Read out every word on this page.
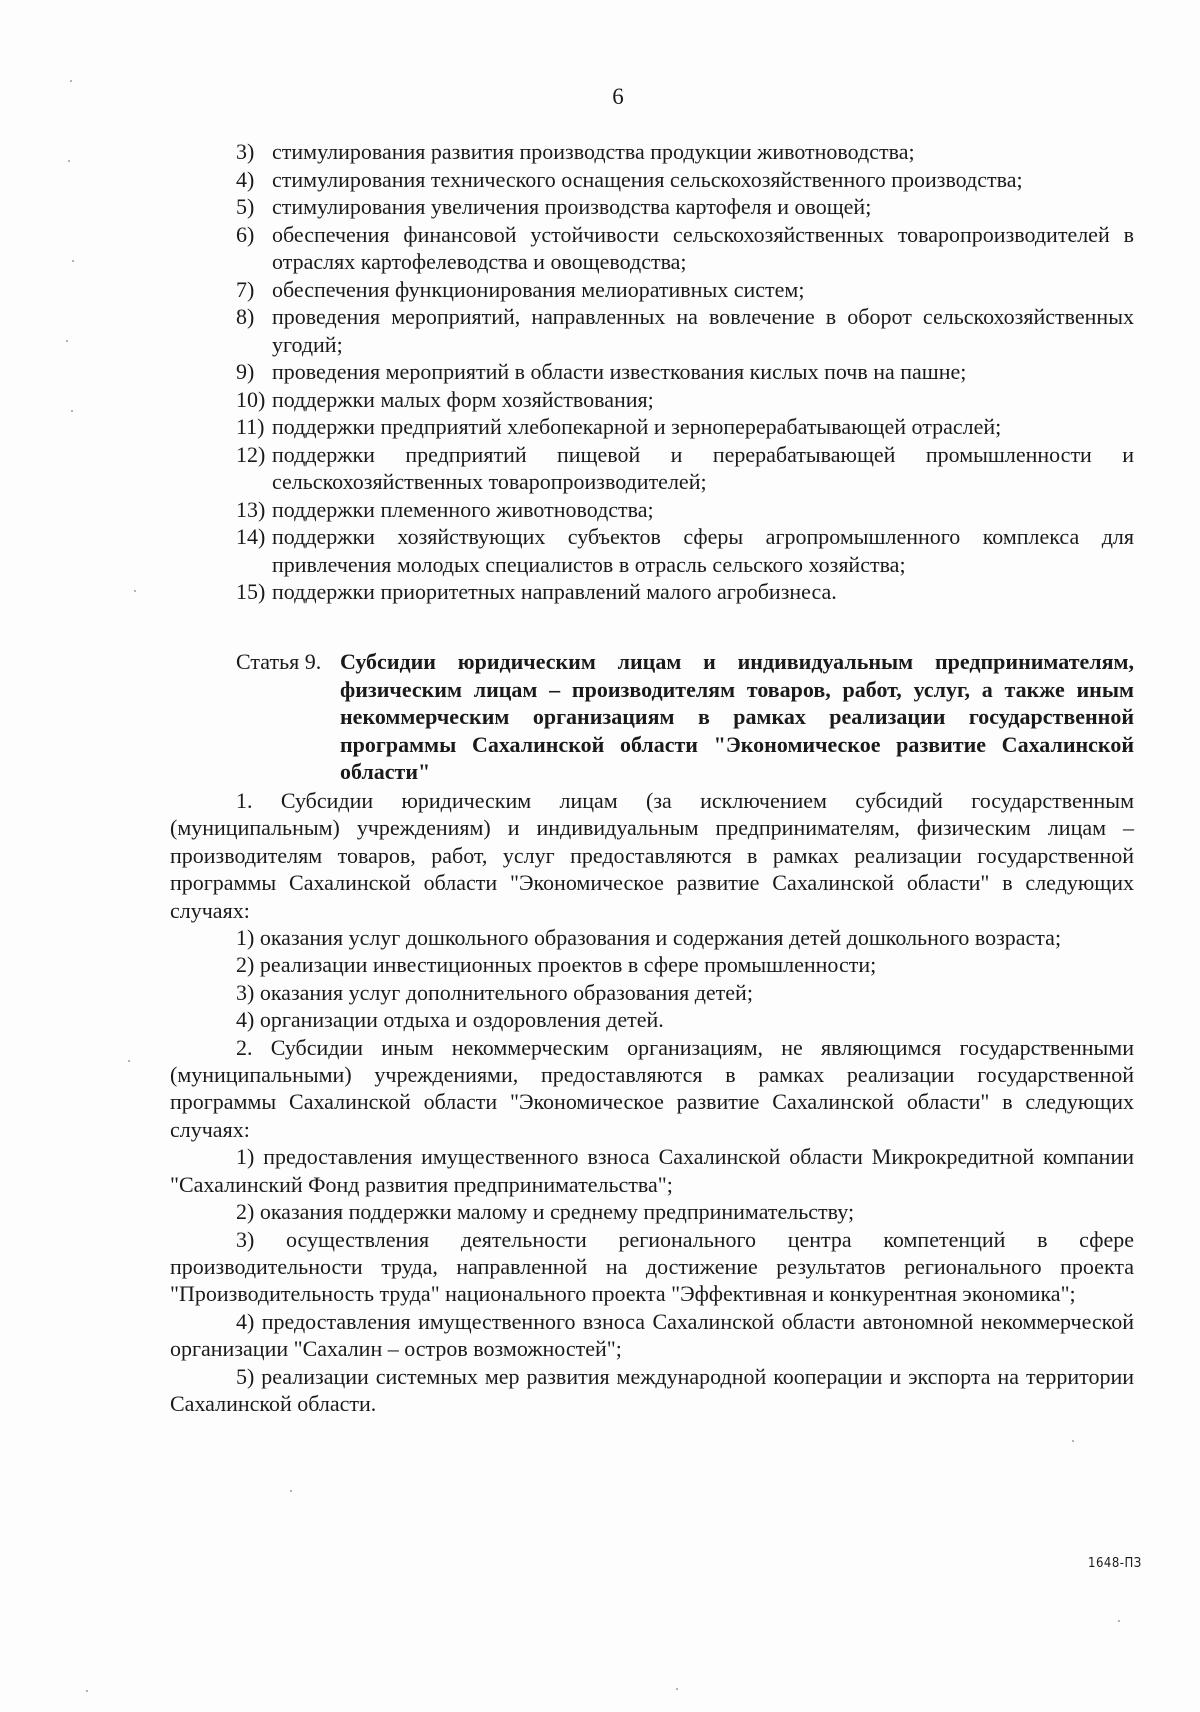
6
3) стимулирования развития производства продукции животноводства;
4) стимулирования технического оснащения сельскохозяйственного производства;
5) стимулирования увеличения производства картофеля и овощей;
6) обеспечения финансовой устойчивости сельскохозяйственных товаропроизводителей в отраслях картофелеводства и овощеводства;
7) обеспечения функционирования мелиоративных систем;
8) проведения мероприятий, направленных на вовлечение в оборот сельскохозяйственных угодий;
9) проведения мероприятий в области известкования кислых почв на пашне;
10) поддержки малых форм хозяйствования;
11) поддержки предприятий хлебопекарной и зерноперерабатывающей отраслей;
12) поддержки предприятий пищевой и перерабатывающей промышленности и сельскохозяйственных товаропроизводителей;
13) поддержки племенного животноводства;
14) поддержки хозяйствующих субъектов сферы агропромышленного комплекса для привлечения молодых специалистов в отрасль сельского хозяйства;
15) поддержки приоритетных направлений малого агробизнеса.
Статья 9. Субсидии юридическим лицам и индивидуальным предпринимателям, физическим лицам – производителям товаров, работ, услуг, а также иным некоммерческим организациям в рамках реализации государственной программы Сахалинской области "Экономическое развитие Сахалинской области"

1. Субсидии юридическим лицам (за исключением субсидий государственным (муниципальным) учреждениям) и индивидуальным предпринимателям, физическим лицам – производителям товаров, работ, услуг предоставляются в рамках реализации государственной программы Сахалинской области "Экономическое развитие Сахалинской области" в следующих случаях:

1) оказания услуг дошкольного образования и содержания детей дошкольного возраста;

2) реализации инвестиционных проектов в сфере промышленности;

3) оказания услуг дополнительного образования детей;

4) организации отдыха и оздоровления детей.

2. Субсидии иным некоммерческим организациям, не являющимся государственными (муниципальными) учреждениями, предоставляются в рамках реализации государственной программы Сахалинской области "Экономическое развитие Сахалинской области" в следующих случаях:

1) предоставления имущественного взноса Сахалинской области Микрокредитной компании "Сахалинский Фонд развития предпринимательства";

2) оказания поддержки малому и среднему предпринимательству;

3) осуществления деятельности регионального центра компетенций в сфере производительности труда, направленной на достижение результатов регионального проекта "Производительность труда" национального проекта "Эффективная и конкурентная экономика";

4) предоставления имущественного взноса Сахалинской области автономной некоммерческой организации "Сахалин – остров возможностей";

5) реализации системных мер развития международной кооперации и экспорта на территории Сахалинской области.

1648-ПЗ
